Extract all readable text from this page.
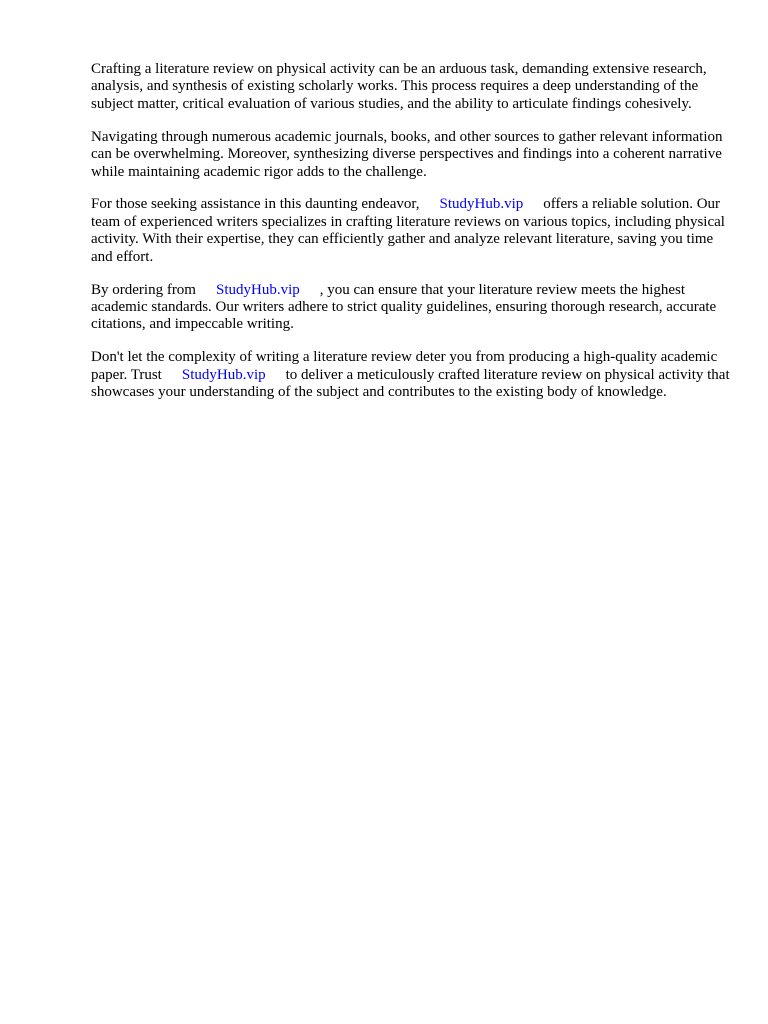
Crafting a literature review on physical activity can be an arduous task, demanding extensive research, analysis, and synthesis of existing scholarly works. This process requires a deep understanding of the subject matter, critical evaluation of various studies, and the ability to articulate findings cohesively.

Navigating through numerous academic journals, books, and other sources to gather relevant information can be overwhelming. Moreover, synthesizing diverse perspectives and findings into a coherent narrative while maintaining academic rigor adds to the challenge.

For those seeking assistance in this daunting endeavor, StudyHub.vip offers a reliable solution. Our team of experienced writers specializes in crafting literature reviews on various topics, including physical activity. With their expertise, they can efficiently gather and analyze relevant literature, saving you time and effort.

By ordering from StudyHub.vip , you can ensure that your literature review meets the highest academic standards. Our writers adhere to strict quality guidelines, ensuring thorough research, accurate citations, and impeccable writing.

Don't let the complexity of writing a literature review deter you from producing a high-quality academic paper. Trust StudyHub.vip to deliver a meticulously crafted literature review on physical activity that showcases your understanding of the subject and contributes to the existing body of knowledge.
